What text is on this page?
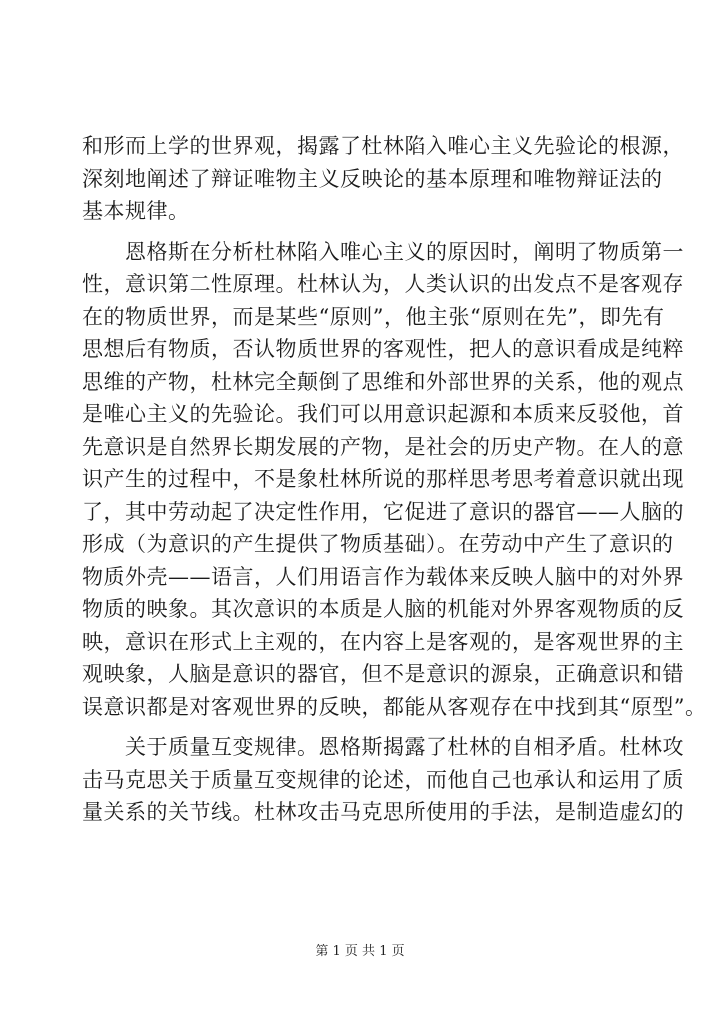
和形而上学的世界观，揭露了杜林陷入唯心主义先验论的根源，
深刻地阐述了辩证唯物主义反映论的基本原理和唯物辩证法的
基本规律。
　　恩格斯在分析杜林陷入唯心主义的原因时，阐明了物质第一
性，意识第二性原理。杜林认为，人类认识的出发点不是客观存
在的物质世界，而是某些“原则”，他主张“原则在先”，即先有
思想后有物质，否认物质世界的客观性，把人的意识看成是纯粹
思维的产物，杜林完全颠倒了思维和外部世界的关系，他的观点
是唯心主义的先验论。我们可以用意识起源和本质来反驳他，首
先意识是自然界长期发展的产物，是社会的历史产物。在人的意
识产生的过程中，不是象杜林所说的那样思考思考着意识就出现
了，其中劳动起了决定性作用，它促进了意识的器官——人脑的
形成（为意识的产生提供了物质基础）。在劳动中产生了意识的
物质外壳——语言，人们用语言作为载体来反映人脑中的对外界
物质的映象。其次意识的本质是人脑的机能对外界客观物质的反
映，意识在形式上主观的，在内容上是客观的，是客观世界的主
观映象，人脑是意识的器官，但不是意识的源泉，正确意识和错
误意识都是对客观世界的反映，都能从客观存在中找到其“原型”。
　　关于质量互变规律。恩格斯揭露了杜林的自相矛盾。杜林攻
击马克思关于质量互变规律的论述，而他自己也承认和运用了质
量关系的关节线。杜林攻击马克思所使用的手法，是制造虚幻的
第 1 页 共 1 页
